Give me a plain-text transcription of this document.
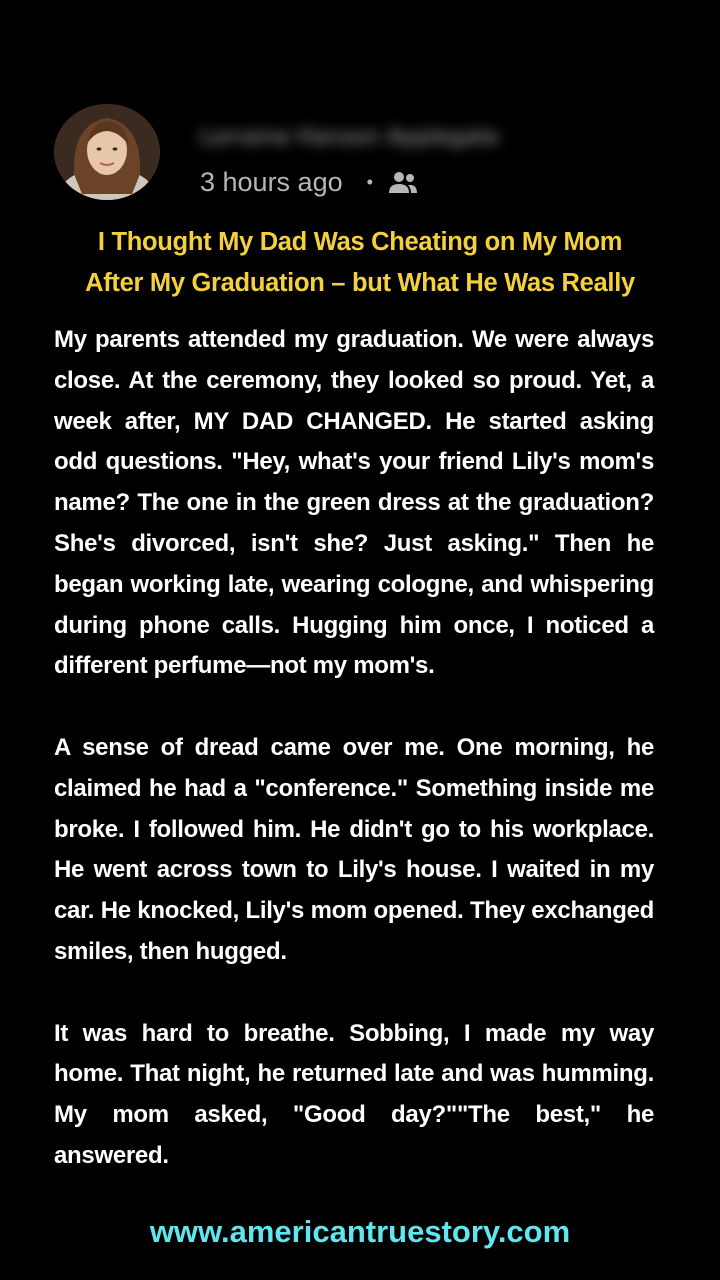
Lorraine Hanson Applegate
3 hours ago •
I Thought My Dad Was Cheating on My Mom
After My Graduation – but What He Was Really

My parents attended my graduation. We were always close. At the ceremony, they looked so proud. Yet, a week after, MY DAD CHANGED. He started asking odd questions. "Hey, what's your friend Lily's mom's name? The one in the green dress at the graduation? She's divorced, isn't she? Just asking." Then he began working late, wearing cologne, and whispering during phone calls. Hugging him once, I noticed a different perfume—not my mom's.

A sense of dread came over me. One morning, he claimed he had a "conference." Something inside me broke. I followed him. He didn't go to his workplace. He went across town to Lily's house. I waited in my car. He knocked, Lily's mom opened. They exchanged smiles, then hugged.

It was hard to breathe. Sobbing, I made my way home. That night, he returned late and was humming. My mom asked, "Good day?""The best," he answered.

www.americantruestory.com
